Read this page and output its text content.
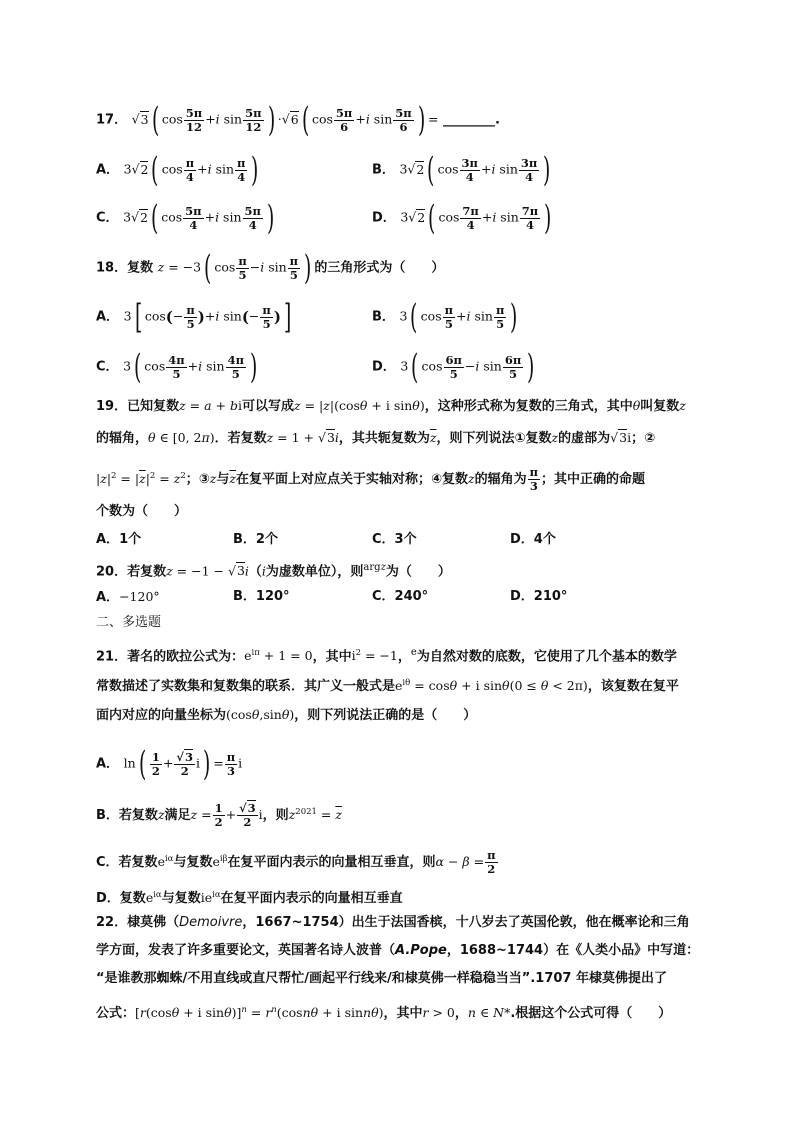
17． √3( $\cos \frac{5\pi}{12} +i$ $\sin \frac{5\pi}{12}$ ) ·√6( $\cos \frac{5\pi}{6} +i$ $\sin \frac{5\pi}{6}$ ) = ________.
A． 3√2( $\cos \frac{\pi}{4} +i$ $\sin \frac{\pi}{4}$ )	B． 3√2( $\cos \frac{3\pi}{4} +i$ $\sin \frac{3\pi}{4}$ )
C． 3√2( $\cos \frac{5\pi}{4} +i$ $\sin \frac{5\pi}{4}$ )	D． 3√2( $\cos \frac{7\pi}{4} +i$ $\sin \frac{7\pi}{4}$ )
18．复数 z = −3( $\cos \frac{\pi}{5} -i$ $\sin \frac{\pi}{5}$ ) 的三角形式为（　　）
A． 3[ $\cos(- \frac{\pi}{5} )+i$ $\sin(- \frac{\pi}{5}$ )]	B． 3( $\cos \frac{\pi}{5} +i$ $\sin \frac{\pi}{5}$ )
C． 3( $\cos \frac{4\pi}{5} +i$ $\sin \frac{4\pi}{5}$ )	D． 3( $\cos \frac{6\pi}{5} -i$ $\sin \frac{6\pi}{5}$ )
19．已知复数z = a + bi可以写成z = |z|(cosθ + i sinθ)，这种形式称为复数的三角式，其中θ叫复数z
的辐角，θ ∈ [0, 2π)．若复数z = 1 + √3i，其共轭复数为$\overline{z}$，则下列说法①复数z的虚部为√3i；②
$|z|^2 = |\overline{z}|^2 = z^2$；③z与$\overline{z}$在复平面上对应点关于实轴对称；④复数z的辐角为 $\frac{\pi}{3}$ ；其中正确的命题
个数为（　　）
A．1个	B．2个	C．3个	D．4个
20．若复数z = −1 − √3i（i为虚数单位），则$^{argz}$为（　　）
A．−120°	B．120°	C．240°	D．210°
二、多选题
21．著名的欧拉公式为：$e^{i\pi} + 1 = 0$，其中$i^2 = -1$，$^e$为自然对数的底数，它使用了几个基本的数学
常数描述了实数集和复数集的联系．其广义一般式是$e^{i\theta} = \cos\theta + i$ sinθ(0 ≤ θ < 2π)，该复数在复平
面内对应的向量坐标为(cosθ,sinθ)，则下列说法正确的是（　　）
A． $\ln( \frac{1}{2} + \frac{√3}{2} i) = \frac{\pi}{3}$ i
B．若复数z满足$z = \frac{1}{2} + \frac{√3}{2}$ i，则$z^{2021} = \overline{z}$
C．若复数$e^{i\alpha}$与复数$e^{i\beta}$在复平面内表示的向量相互垂直，则$\alpha - \beta = \frac{\pi}{2}$
D．复数$e^{i\alpha}$与复数$ie^{i\alpha}$在复平面内表示的向量相互垂直
22．棣莫佛（Demoivre，1667~1754）出生于法国香槟，十八岁去了英国伦敦，他在概率论和三角
学方面，发表了许多重要论文，英国著名诗人波普（A.Pope，1688~1744）在《人类小品》中写道：
“是谁教那蜘蛛/不用直线或直尺帮忙/画起平行线来/和棣莫佛一样稳稳当当”.1707 年棣莫佛提出了
公式：[r(cosθ + i $\sin\theta)]^n = r^n(\cos n\theta + i$ sinnθ)，其中r > 0，n ∈ N*.根据这个公式可得（　　）
